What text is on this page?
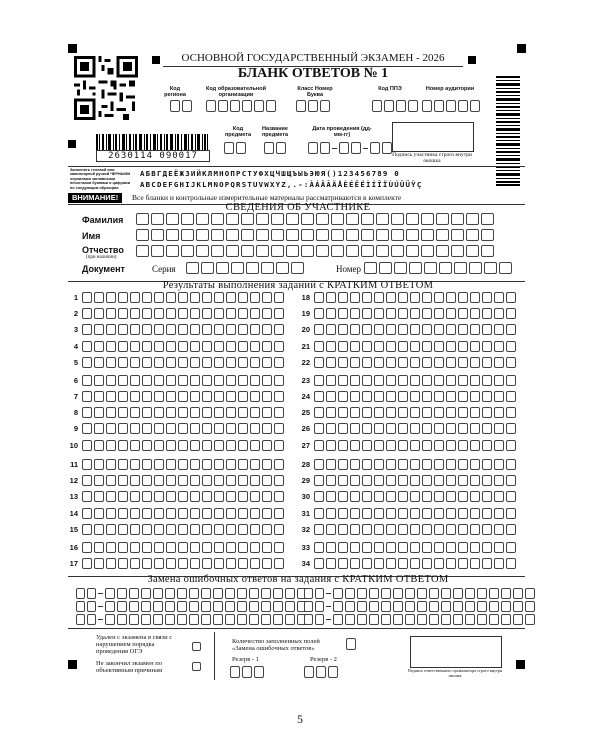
ОСНОВНОЙ ГОСУДАРСТВЕННЫЙ ЭКЗАМЕН - 2026
БЛАНК ОТВЕТОВ № 1
Код региона
Код образовательной организации
Класс Номер Буква
Код ППЭ	Номер аудитории
2630114 090017
Код предмета
Название предмета
Дата проведения (дд-мм-гг)
Подпись участника строго внутри окошка
Заполнять гелевой или капиллярной ручкой ЧЕРНЫМИ чернилами заглавными печатными буквами и цифрами по следующим образцам:
АБВГДЕЁЖЗИЙКЛМНОПРСТУФХЦЧШЩЪЫЬЭЮЯ()123456789 0
ABCDEFGHIJKLMNOPQRSTUVWXYZ,.-:ÀÁÂÃÄÅÈÉÊËÌÍÎÏÙÚÛÜŸÇ
ВНИМАНИЕ!	Все бланки и контрольные измерительные материалы рассматриваются в комплекте
СВЕДЕНИЯ ОБ УЧАСТНИКЕ
Фамилия
Имя
Отчество
(при наличии)
Документ	Серия	Номер
Результаты выполнения заданий с КРАТКИМ ОТВЕТОМ
1	18
2	19
3	20
4	21
5	22
6	23
7	24
8	25
9	26
10	27
11	28
12	29
13	30
14	31
15	32
16	33
17	34
Замена ошибочных ответов на задания с КРАТКИМ ОТВЕТОМ
Удален с экзамена в связи с нарушением порядка проведения ОГЭ
Не закончил экзамен по объективным причинам
Количество заполненных полей «Замена ошибочных ответов»
Резерв - 1	Резерв - 2
Подпись ответственного организатора строго внутри окошка
5
